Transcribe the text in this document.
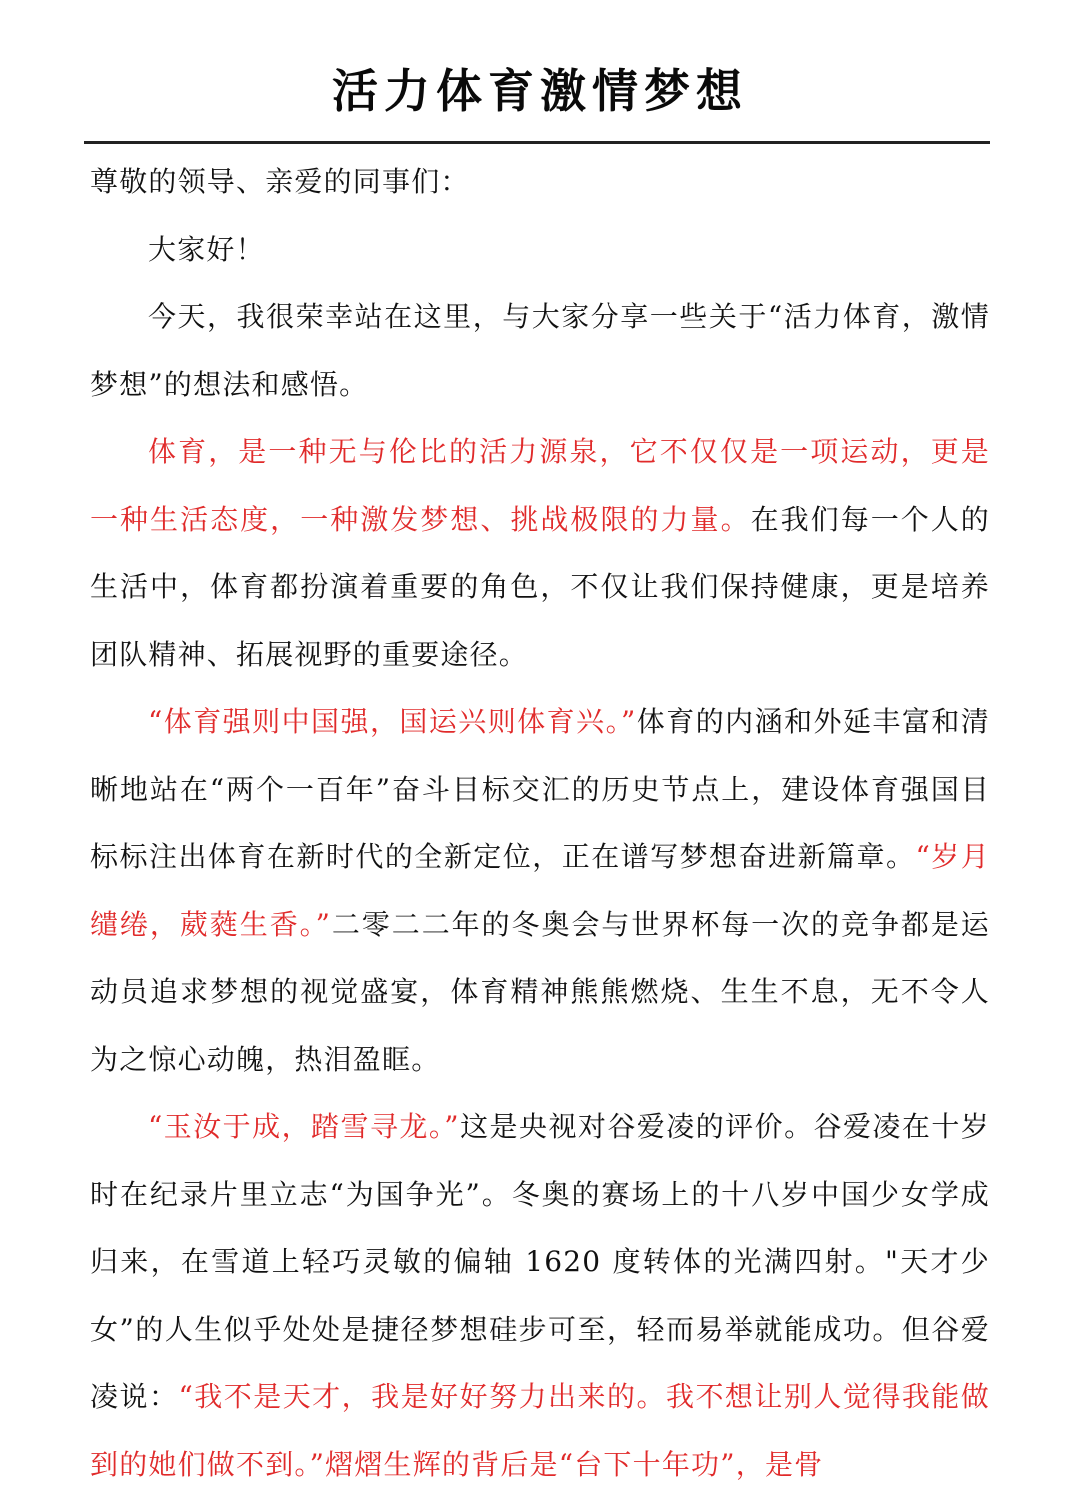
活力体育激情梦想

尊敬的领导、亲爱的同事们：

大家好！

今天，我很荣幸站在这里，与大家分享一些关于“活力体育，激情梦想”的想法和感悟。

体育，是一种无与伦比的活力源泉，它不仅仅是一项运动，更是一种生活态度，一种激发梦想、挑战极限的力量。在我们每一个人的生活中，体育都扮演着重要的角色，不仅让我们保持健康，更是培养团队精神、拓展视野的重要途径。

“体育强则中国强，国运兴则体育兴。”体育的内涵和外延丰富和清晰地站在“两个一百年”奋斗目标交汇的历史节点上，建设体育强国目标标注出体育在新时代的全新定位，正在谱写梦想奋进新篇章。“岁月缱绻，葳蕤生香。”二零二二年的冬奥会与世界杯每一次的竞争都是运动员追求梦想的视觉盛宴，体育精神熊熊燃烧、生生不息，无不令人为之惊心动魄，热泪盈眶。

“玉汝于成，踏雪寻龙。”这是央视对谷爱凌的评价。谷爱凌在十岁时在纪录片里立志“为国争光”。冬奥的赛场上的十八岁中国少女学成归来，在雪道上轻巧灵敏的偏轴 1620 度转体的光满四射。"天才少女”的人生似乎处处是捷径梦想硅步可至，轻而易举就能成功。但谷爱凌说：“我不是天才，我是好好努力出来的。我不想让别人觉得我能做到的她们做不到。”熠熠生辉的背后是“台下十年功”，是骨
